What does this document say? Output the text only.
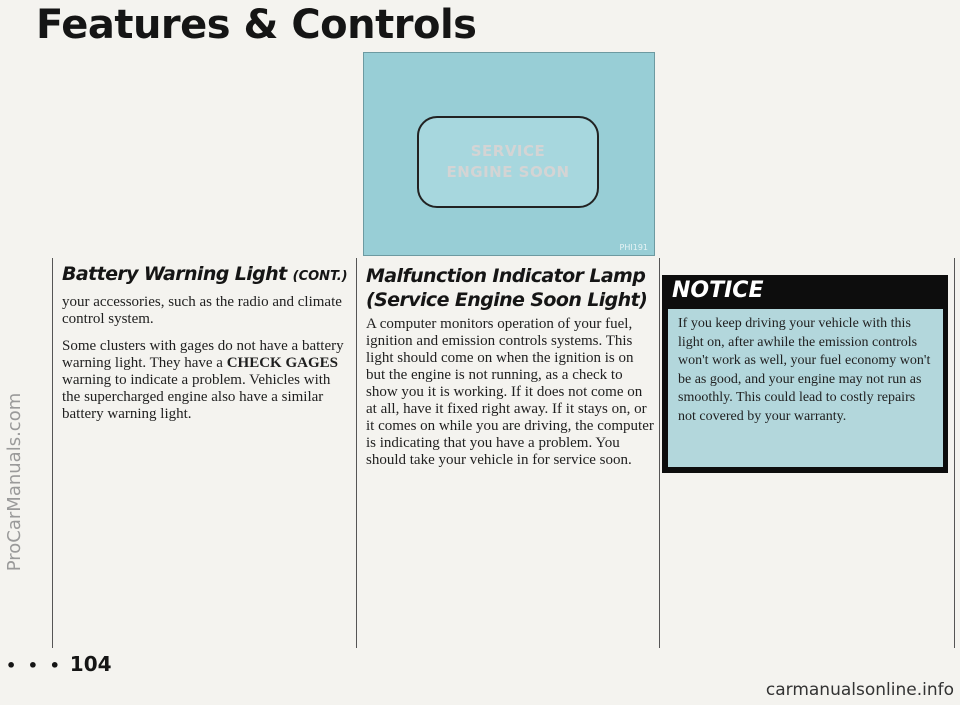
Features & Controls
ProCarManuals.com
SERVICE
ENGINE SOON
PHI191
Battery Warning Light (CONT.)

your accessories, such as the radio and climate control system.

Some clusters with gages do not have a battery warning light. They have a CHECK GAGES warning to indicate a problem. Vehicles with the supercharged engine also have a similar battery warning light.

Malfunction Indicator Lamp (Service Engine Soon Light)

A computer monitors operation of your fuel, ignition and emission controls systems. This light should come on when the ignition is on but the engine is not running, as a check to show you it is working. If it does not come on at all, have it fixed right away. If it stays on, or it comes on while you are driving, the computer is indicating that you have a problem. You should take your vehicle in for service soon.

NOTICE
If you keep driving your vehicle with this light on, after awhile the emission controls won't work as well, your fuel economy won't be as good, and your engine may not run as smoothly. This could lead to costly repairs not covered by your warranty.
• • • 104
carmanualsonline.info
